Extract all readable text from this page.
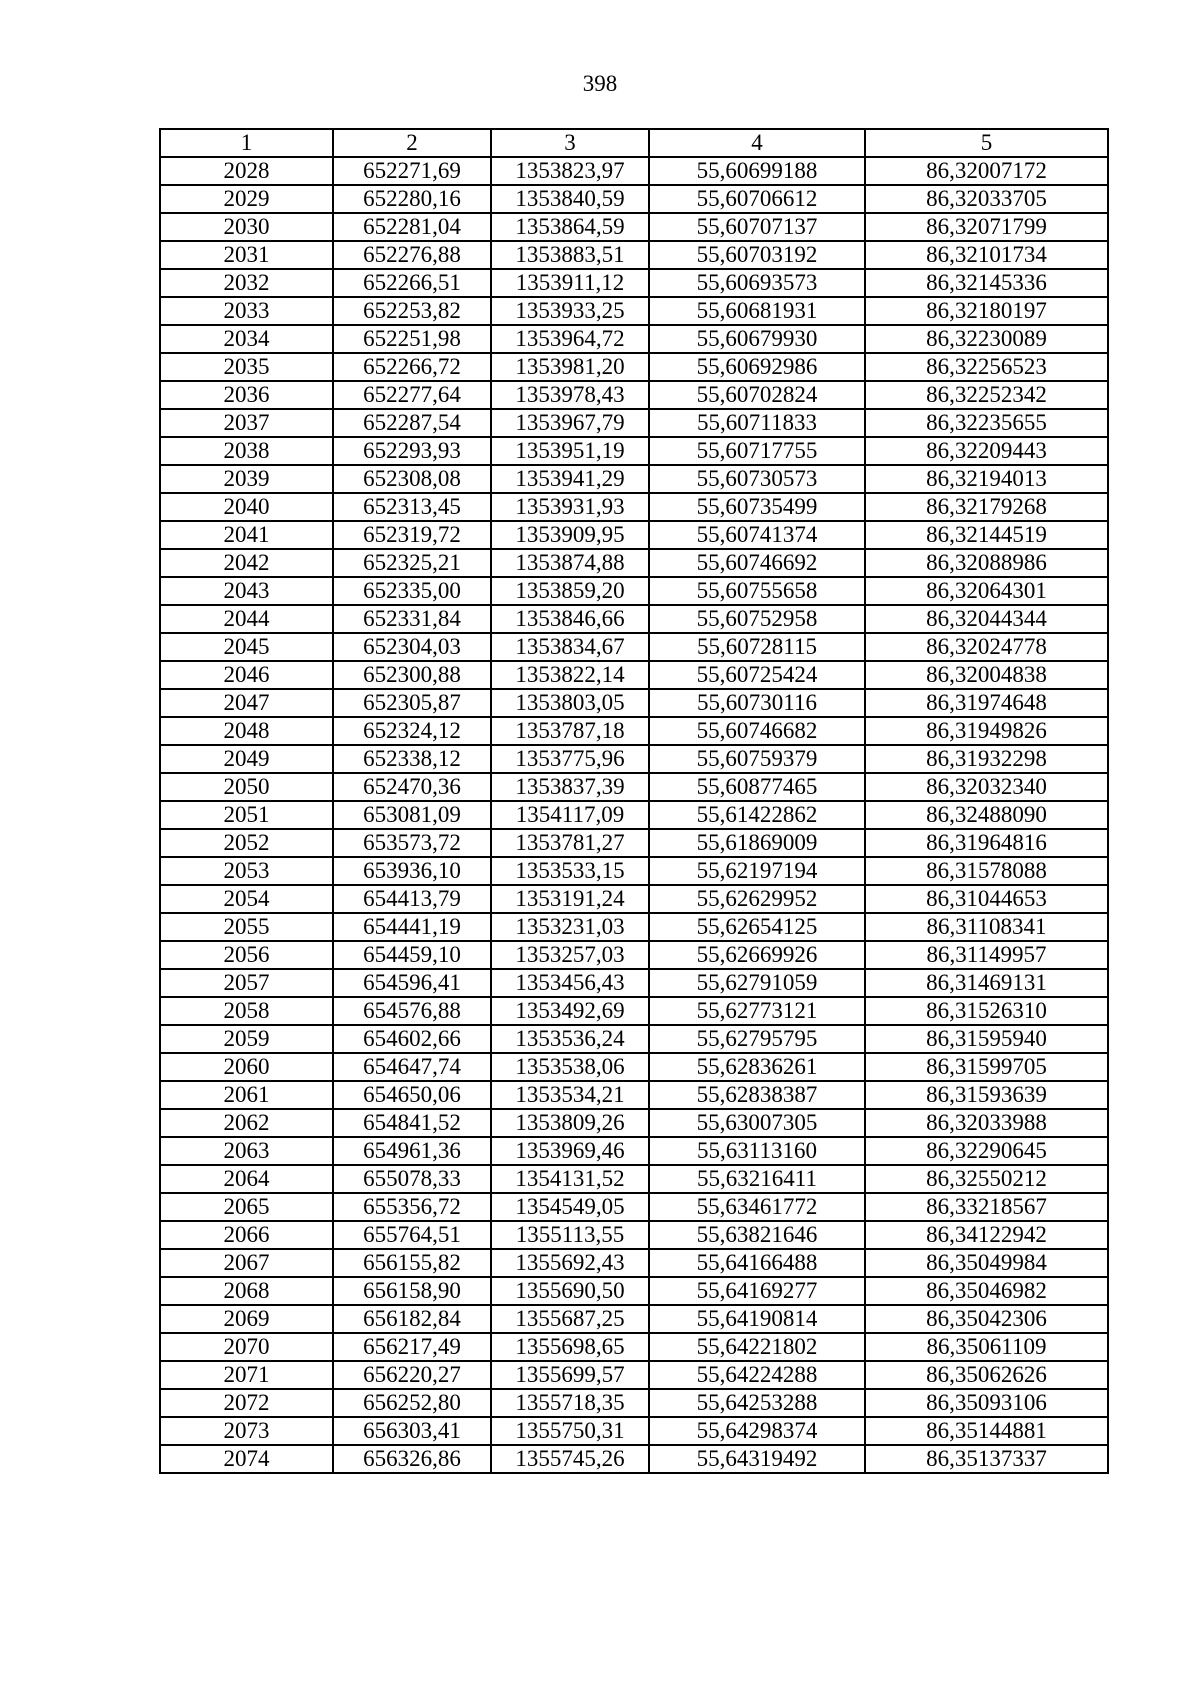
398
1	2	3	4	5
2028	652271,69	1353823,97	55,60699188	86,32007172
2029	652280,16	1353840,59	55,60706612	86,32033705
2030	652281,04	1353864,59	55,60707137	86,32071799
2031	652276,88	1353883,51	55,60703192	86,32101734
2032	652266,51	1353911,12	55,60693573	86,32145336
2033	652253,82	1353933,25	55,60681931	86,32180197
2034	652251,98	1353964,72	55,60679930	86,32230089
2035	652266,72	1353981,20	55,60692986	86,32256523
2036	652277,64	1353978,43	55,60702824	86,32252342
2037	652287,54	1353967,79	55,60711833	86,32235655
2038	652293,93	1353951,19	55,60717755	86,32209443
2039	652308,08	1353941,29	55,60730573	86,32194013
2040	652313,45	1353931,93	55,60735499	86,32179268
2041	652319,72	1353909,95	55,60741374	86,32144519
2042	652325,21	1353874,88	55,60746692	86,32088986
2043	652335,00	1353859,20	55,60755658	86,32064301
2044	652331,84	1353846,66	55,60752958	86,32044344
2045	652304,03	1353834,67	55,60728115	86,32024778
2046	652300,88	1353822,14	55,60725424	86,32004838
2047	652305,87	1353803,05	55,60730116	86,31974648
2048	652324,12	1353787,18	55,60746682	86,31949826
2049	652338,12	1353775,96	55,60759379	86,31932298
2050	652470,36	1353837,39	55,60877465	86,32032340
2051	653081,09	1354117,09	55,61422862	86,32488090
2052	653573,72	1353781,27	55,61869009	86,31964816
2053	653936,10	1353533,15	55,62197194	86,31578088
2054	654413,79	1353191,24	55,62629952	86,31044653
2055	654441,19	1353231,03	55,62654125	86,31108341
2056	654459,10	1353257,03	55,62669926	86,31149957
2057	654596,41	1353456,43	55,62791059	86,31469131
2058	654576,88	1353492,69	55,62773121	86,31526310
2059	654602,66	1353536,24	55,62795795	86,31595940
2060	654647,74	1353538,06	55,62836261	86,31599705
2061	654650,06	1353534,21	55,62838387	86,31593639
2062	654841,52	1353809,26	55,63007305	86,32033988
2063	654961,36	1353969,46	55,63113160	86,32290645
2064	655078,33	1354131,52	55,63216411	86,32550212
2065	655356,72	1354549,05	55,63461772	86,33218567
2066	655764,51	1355113,55	55,63821646	86,34122942
2067	656155,82	1355692,43	55,64166488	86,35049984
2068	656158,90	1355690,50	55,64169277	86,35046982
2069	656182,84	1355687,25	55,64190814	86,35042306
2070	656217,49	1355698,65	55,64221802	86,35061109
2071	656220,27	1355699,57	55,64224288	86,35062626
2072	656252,80	1355718,35	55,64253288	86,35093106
2073	656303,41	1355750,31	55,64298374	86,35144881
2074	656326,86	1355745,26	55,64319492	86,35137337
